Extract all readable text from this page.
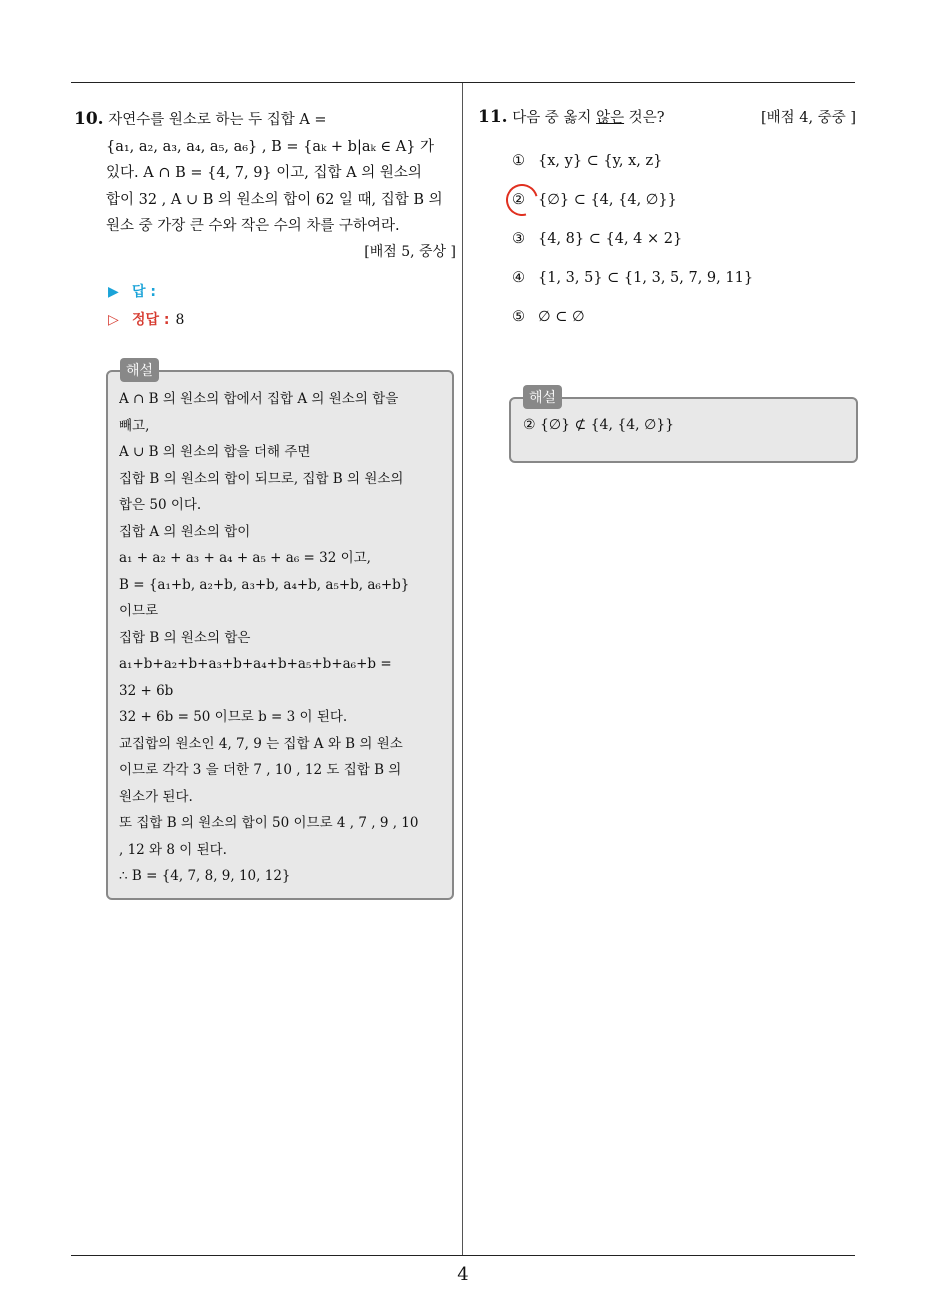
4

10. 자연수를 원소로 하는 두 집합 A =
{a₁, a₂, a₃, a₄, a₅, a₆} , B = {aₖ + b|aₖ ∈ A} 가
있다. A ∩ B = {4, 7, 9} 이고, 집합 A 의 원소의
합이 32 , A ∪ B 의 원소의 합이 62 일 때, 집합 B 의
원소 중 가장 큰 수와 작은 수의 차를 구하여라.

[배점 5, 중상 ]
▶ 답 :
▷ 정답 : 8
해설
A ∩ B 의 원소의 합에서 집합 A 의 원소의 합을
빼고,
A ∪ B 의 원소의 합을 더해 주면
집합 B 의 원소의 합이 되므로, 집합 B 의 원소의
합은 50 이다.
집합 A 의 원소의 합이
a₁ + a₂ + a₃ + a₄ + a₅ + a₆ = 32 이고,
B = {a₁+b, a₂+b, a₃+b, a₄+b, a₅+b, a₆+b}
이므로
집합 B 의 원소의 합은
a₁+b+a₂+b+a₃+b+a₄+b+a₅+b+a₆+b =
32 + 6b
32 + 6b = 50 이므로 b = 3 이 된다.
교집합의 원소인 4, 7, 9 는 집합 A 와 B 의 원소
이므로 각각 3 을 더한 7 , 10 , 12 도 집합 B 의
원소가 된다.
또 집합 B 의 원소의 합이 50 이므로 4 , 7 , 9 , 10
, 12 와 8 이 된다.
∴ B = {4, 7, 8, 9, 10, 12}
11. 다음 중 옳지 않은 것은?	[배점 4, 중중 ]
① {x, y} ⊂ {y, x, z}
② {∅} ⊂ {4, {4, ∅}}
③ {4, 8} ⊂ {4, 4 × 2}
④ {1, 3, 5} ⊂ {1, 3, 5, 7, 9, 11}
⑤ ∅ ⊂ ∅
해설
② {∅} ⊄ {4, {4, ∅}}
